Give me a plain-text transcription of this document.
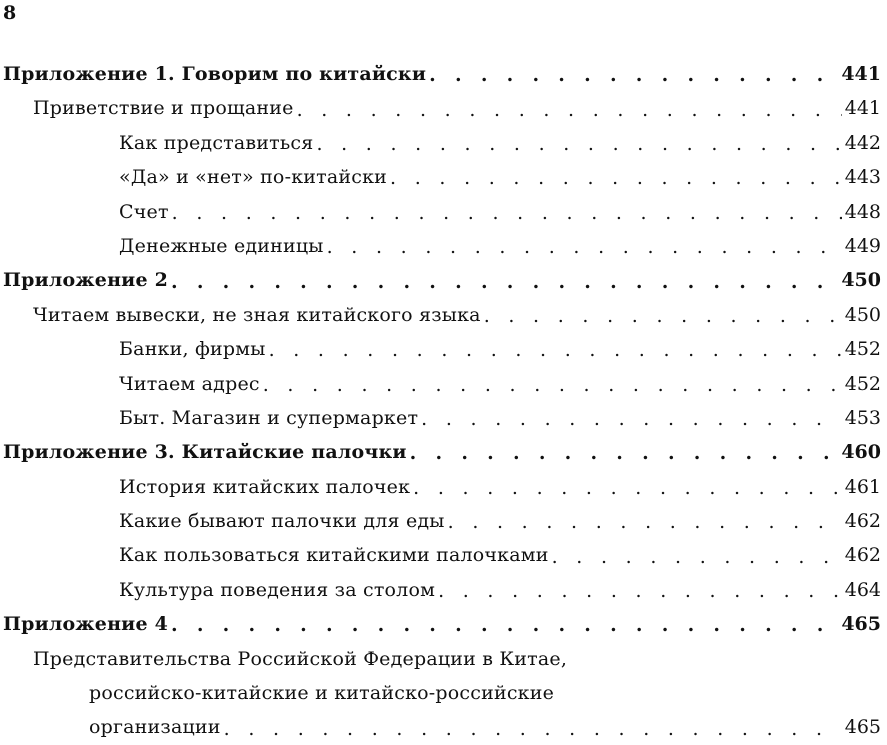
8
Приложение 1. Говорим по китайски . . .	441
Приветствие и прощание . . .	441
Как представиться . . .	442
«Да» и «нет» по-китайски . . .	443
Счет . . .	448
Денежные единицы . . .	449
Приложение 2 . . .	450
Читаем вывески, не зная китайского языка . . .	450
Банки, фирмы . . .	452
Читаем адрес . . .	452
Быт. Магазин и супермаркет . . .	453
Приложение 3. Китайские палочки . . .	460
История китайских палочек . . .	461
Какие бывают палочки для еды . . .	462
Как пользоваться китайскими палочками . . .	462
Культура поведения за столом . . .	464
Приложение 4 . . .	465
Представительства Российской Федерации в Китае,
российско-китайские и китайско-российские
организации . . .	465
